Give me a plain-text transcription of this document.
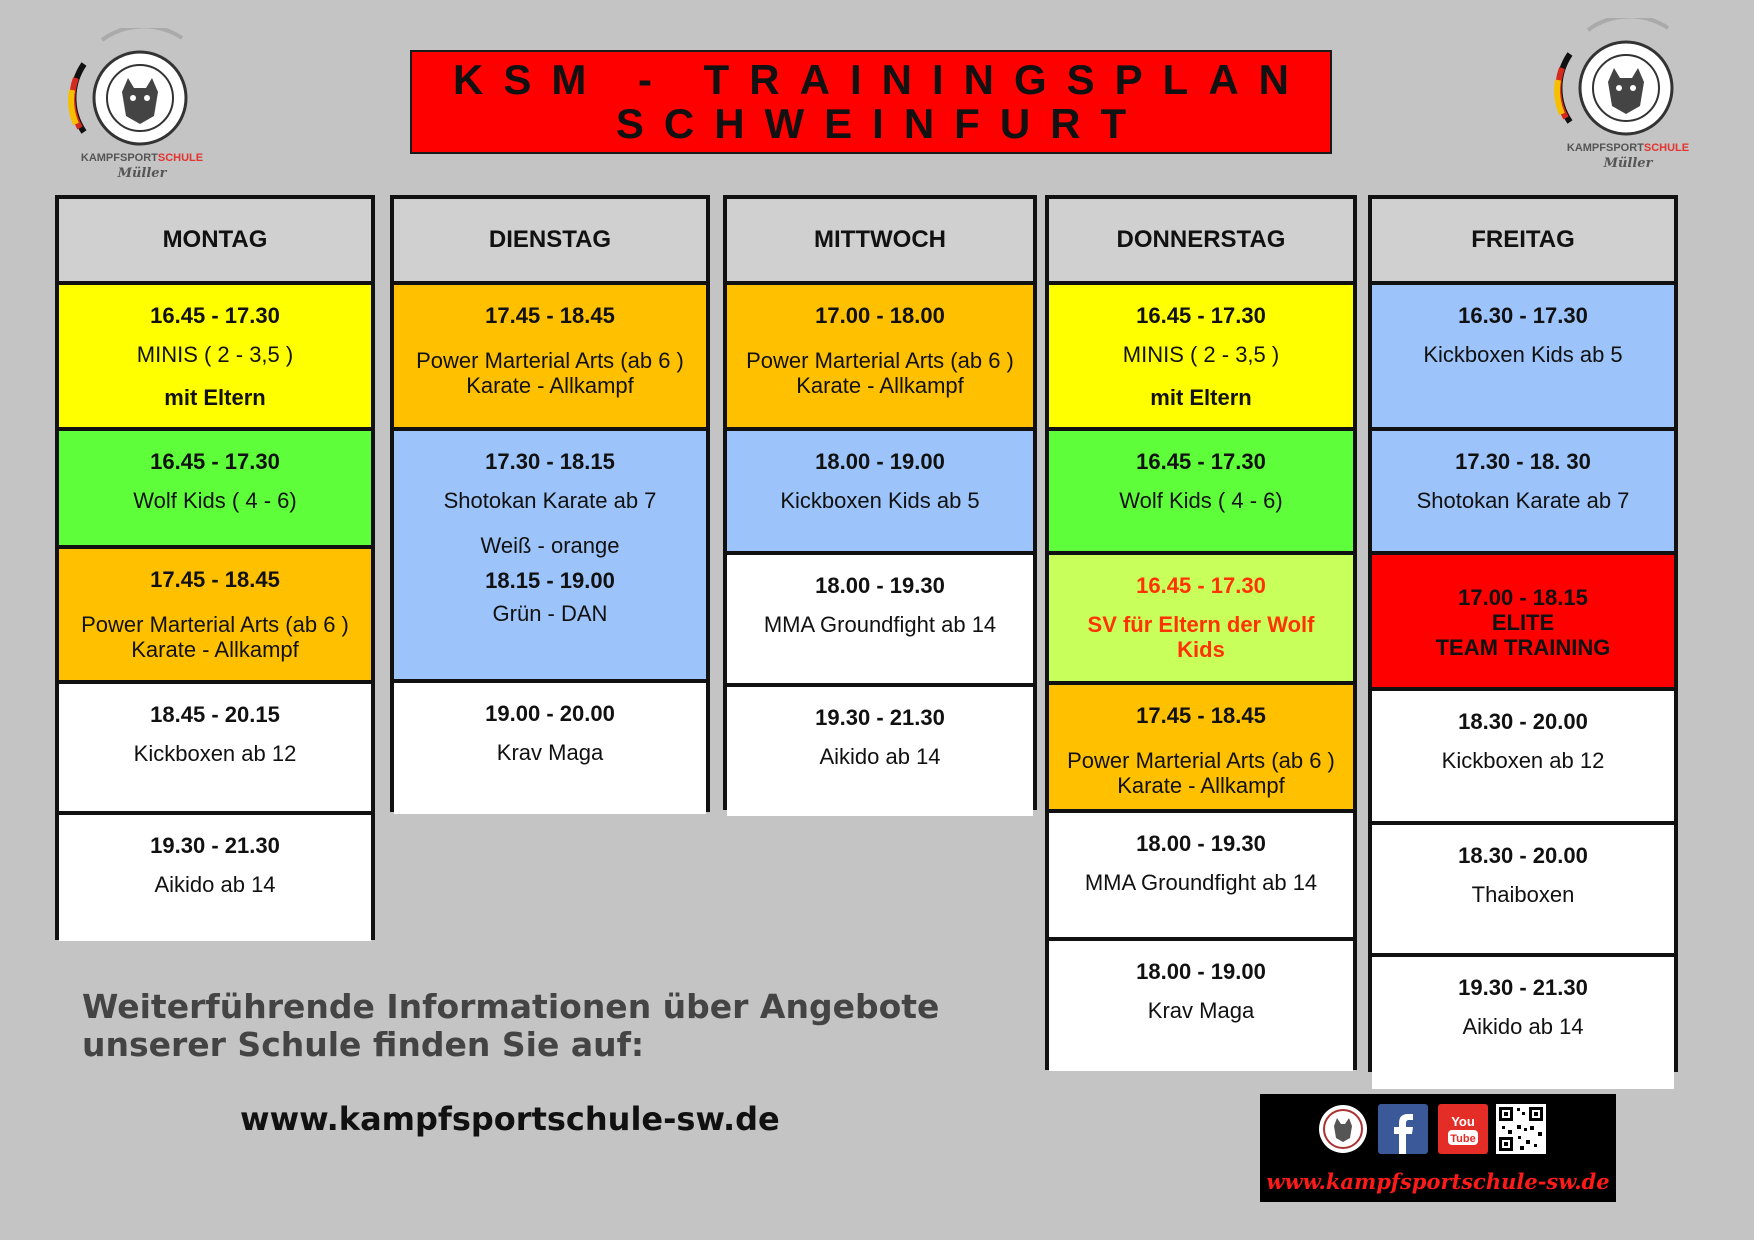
KAMPFSPORTSCHULE
Müller
KAMPFSPORTSCHULE
Müller
KSM - TRAININGSPLAN
SCHWEINFURT
MONTAG
16.45 - 17.30
MINIS ( 2 - 3,5 )
mit Eltern
16.45 - 17.30
Wolf Kids ( 4 - 6)
17.45 - 18.45
Power Marterial Arts (ab 6 )
Karate - Allkampf
18.45 - 20.15
Kickboxen ab 12
19.30 - 21.30
Aikido ab 14
DIENSTAG
17.45 - 18.45
Power Marterial Arts (ab 6 )
Karate - Allkampf
17.30 - 18.15
Shotokan Karate ab 7
Weiß - orange
18.15 - 19.00
Grün - DAN
19.00 - 20.00
Krav Maga
MITTWOCH
17.00 - 18.00
Power Marterial Arts (ab 6 )
Karate - Allkampf
18.00 - 19.00
Kickboxen Kids ab 5
18.00 - 19.30
MMA Groundfight ab 14
19.30 - 21.30
Aikido ab 14
DONNERSTAG
16.45 - 17.30
MINIS ( 2 - 3,5 )
mit Eltern
16.45 - 17.30
Wolf Kids ( 4 - 6)
16.45 - 17.30
SV für Eltern der Wolf Kids
17.45 - 18.45
Power Marterial Arts (ab 6 )
Karate - Allkampf
18.00 - 19.30
MMA Groundfight ab 14
18.00 - 19.00
Krav Maga
FREITAG
16.30 - 17.30
Kickboxen Kids ab 5
17.30 - 18. 30
Shotokan Karate ab 7
17.00 - 18.15
ELITE
TEAM TRAINING
18.30 - 20.00
Kickboxen ab 12
18.30 - 20.00
Thaiboxen
19.30 - 21.30
Aikido ab 14
Weiterführende Informationen über Angebote
unserer Schule finden Sie auf:
www.kampfsportschule-sw.de	You
Tube
www.kampfsportschule-sw.de
